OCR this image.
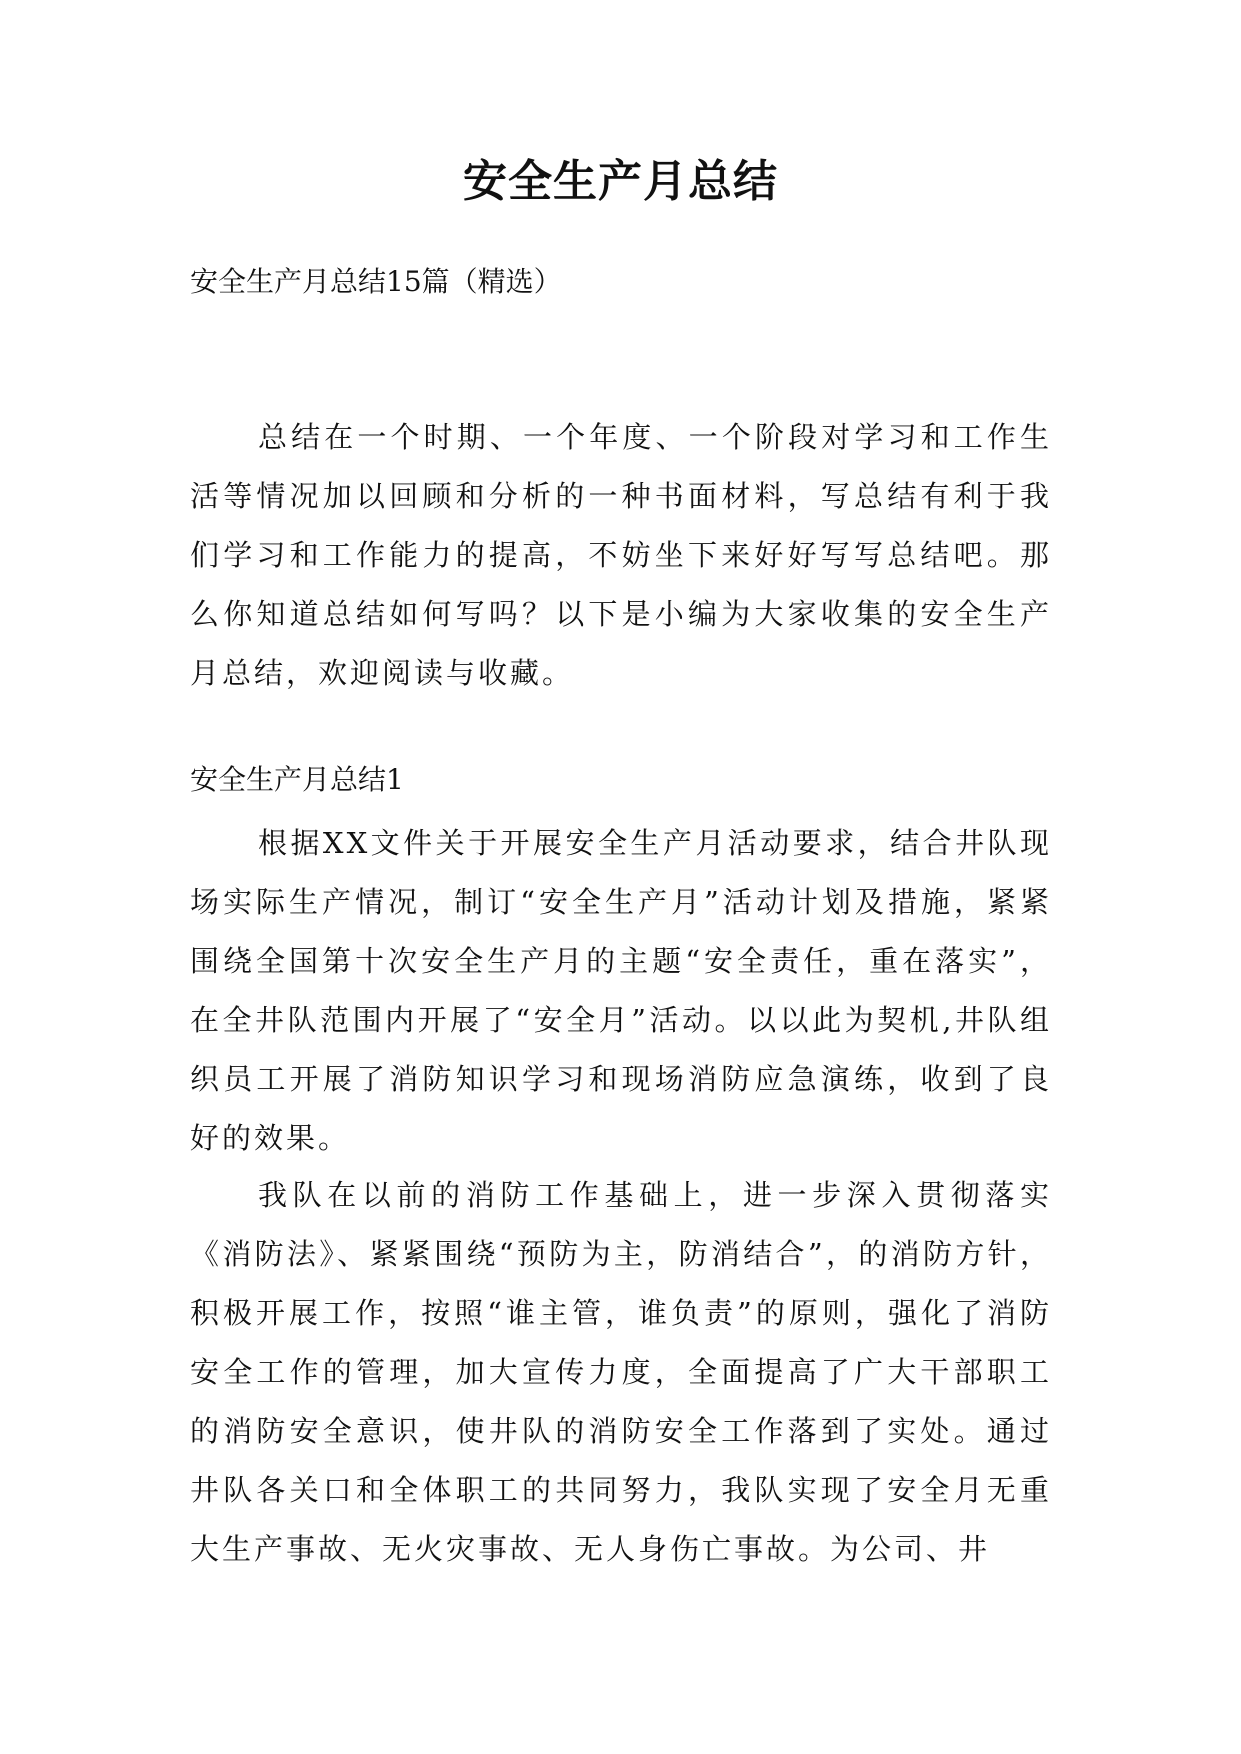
安全生产月总结

安全生产月总结15篇（精选）

总结在一个时期、一个年度、一个阶段对学习和工作生活等情况加以回顾和分析的一种书面材料，写总结有利于我们学习和工作能力的提高，不妨坐下来好好写写总结吧。那么你知道总结如何写吗？以下是小编为大家收集的安全生产月总结，欢迎阅读与收藏。

安全生产月总结1

根据XX文件关于开展安全生产月活动要求，结合井队现场实际生产情况，制订“安全生产月”活动计划及措施，紧紧围绕全国第十次安全生产月的主题“安全责任，重在落实”，在全井队范围内开展了“安全月”活动。以以此为契机,井队组织员工开展了消防知识学习和现场消防应急演练，收到了良好的效果。

我队在以前的消防工作基础上，进一步深入贯彻落实《消防法》、紧紧围绕“预防为主，防消结合”，的消防方针，积极开展工作，按照“谁主管，谁负责”的原则，强化了消防安全工作的管理，加大宣传力度，全面提高了广大干部职工的消防安全意识，使井队的消防安全工作落到了实处。通过井队各关口和全体职工的共同努力，我队实现了安全月无重大生产事故、无火灾事故、无人身伤亡事故。为公司、井
